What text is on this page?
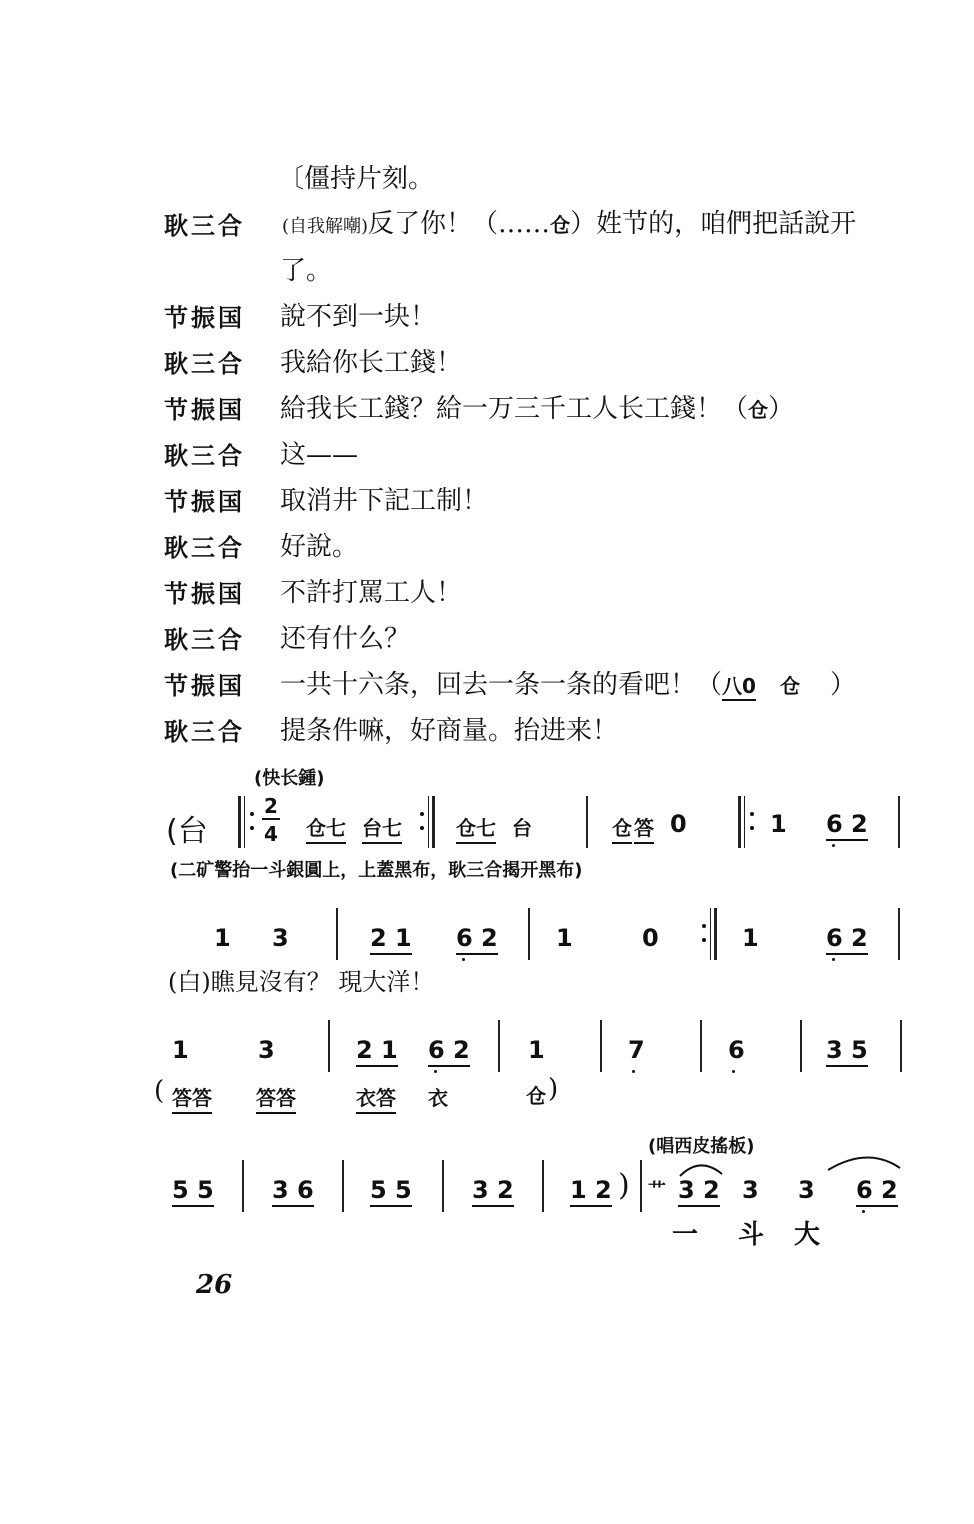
〔僵持片刻。
耿三合 (自我解嘲)反了你！（……仓）姓节的，咱們把話說开
了。
节振国 說不到一块！
耿三合 我給你长工錢！
节振国 給我长工錢？給一万三千工人长工錢！（仓）
耿三合 这——
节振国 取消井下記工制！
耿三合 好說。
节振国 不許打罵工人！
耿三合 还有什么？
节振国 一共十六条，回去一条一条的看吧！（八0 仓 ）
耿三合 提条件嘛，好商量。抬进来！
(快长鍾)
(台
2
4 仓七 台七	仓七 台	仓 答 0	1 6 2
(二矿警抬一斗銀圓上，上蓋黑布，耿三合揭开黑布)
1 3	2 1 6 2 1	0	1	6 2
(白)瞧見沒有？ 現大洋！
1	3	2 1 6 2 1	7	6	3 5
( 答答 答答	衣答 衣	仓 )
(唱西皮搖板)
5 5 3 6 5 5	3 2 1 2 ) 艹 3 2 3 3 6 2
一 斗 大
26
